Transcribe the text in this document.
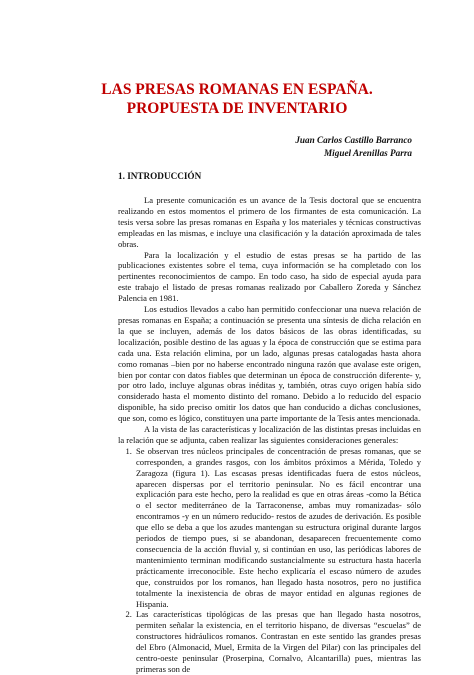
LAS PRESAS ROMANAS EN ESPAÑA.
PROPUESTA DE INVENTARIO
Juan Carlos Castillo Barranco
Miguel Arenillas Parra
1. INTRODUCCIÓN

La presente comunicación es un avance de la Tesis doctoral que se encuentra realizando en estos momentos el primero de los firmantes de esta comunicación. La tesis versa sobre las presas romanas en España y los materiales y técnicas constructivas empleadas en las mismas, e incluye una clasificación y la datación aproximada de tales obras.

Para la localización y el estudio de estas presas se ha partido de las publicaciones existentes sobre el tema, cuya información se ha completado con los pertinentes reconocimientos de campo. En todo caso, ha sido de especial ayuda para este trabajo el listado de presas romanas realizado por Caballero Zoreda y Sánchez Palencia en 1981.

Los estudios llevados a cabo han permitido confeccionar una nueva relación de presas romanas en España; a continuación se presenta una síntesis de dicha relación en la que se incluyen, además de los datos básicos de las obras identificadas, su localización, posible destino de las aguas y la época de construcción que se estima para cada una. Esta relación elimina, por un lado, algunas presas catalogadas hasta ahora como romanas –bien por no haberse encontrado ninguna razón que avalase este origen, bien por contar con datos fiables que determinan un época de construcción diferente- y, por otro lado, incluye algunas obras inéditas y, también, otras cuyo origen había sido considerado hasta el momento distinto del romano. Debido a lo reducido del espacio disponible, ha sido preciso omitir los datos que han conducido a dichas conclusiones, que son, como es lógico, constituyen una parte importante de la Tesis antes mencionada.

A la vista de las características y localización de las distintas presas incluidas en la relación que se adjunta, caben realizar las siguientes consideraciones generales:

1. Se observan tres núcleos principales de concentración de presas romanas, que se corresponden, a grandes rasgos, con los ámbitos próximos a Mérida, Toledo y Zaragoza (figura 1). Las escasas presas identificadas fuera de estos núcleos, aparecen dispersas por el territorio peninsular. No es fácil encontrar una explicación para este hecho, pero la realidad es que en otras áreas -como la Bética o el sector mediterráneo de la Tarraconense, ambas muy romanizadas- sólo encontramos -y en un número reducido- restos de azudes de derivación. Es posible que ello se deba a que los azudes mantengan su estructura original durante largos periodos de tiempo pues, si se abandonan, desaparecen frecuentemente como consecuencia de la acción fluvial y, si continúan en uso, las periódicas labores de mantenimiento terminan modificando sustancialmente su estructura hasta hacerla prácticamente irreconocible. Este hecho explicaría el escaso número de azudes que, construidos por los romanos, han llegado hasta nosotros, pero no justifica totalmente la inexistencia de obras de mayor entidad en algunas regiones de Hispania.
2. Las características tipológicas de las presas que han llegado hasta nosotros, permiten señalar la existencia, en el territorio hispano, de diversas “escuelas” de constructores hidráulicos romanos. Contrastan en este sentido las grandes presas del Ebro (Almonacid, Muel, Ermita de la Virgen del Pilar) con las principales del centro-oeste peninsular (Proserpina, Cornalvo, Alcantarilla) pues, mientras las primeras son de
